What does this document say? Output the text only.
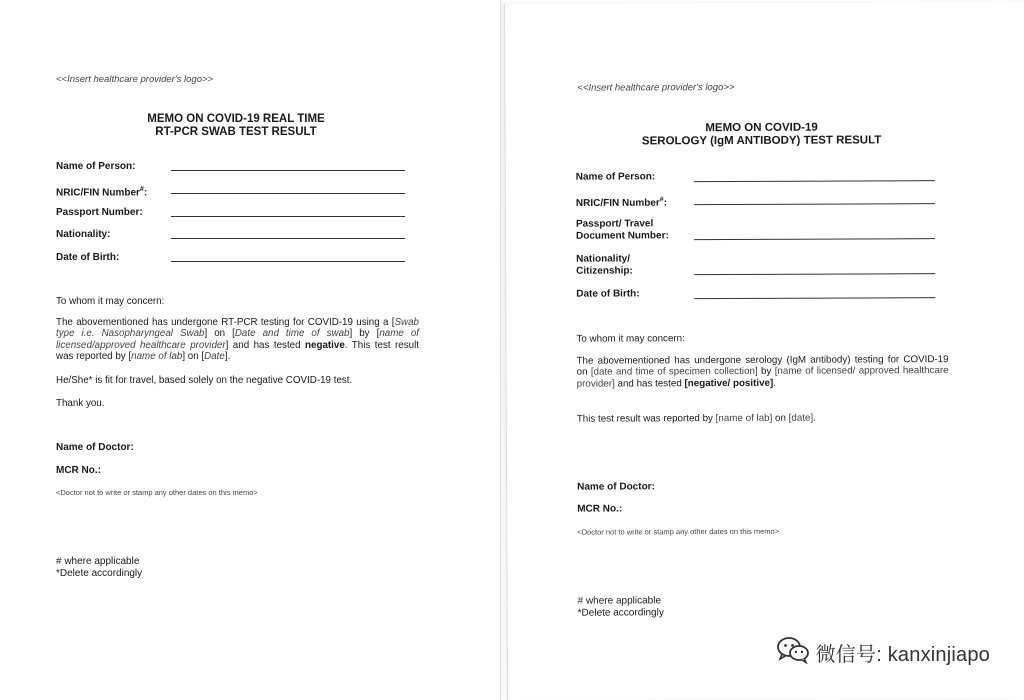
<<Insert healthcare provider's logo>>
MEMO ON COVID-19 REAL TIME
RT-PCR SWAB TEST RESULT
Name of Person:
NRIC/FIN Number#:
Passport Number:
Nationality:
Date of Birth:
To whom it may concern:
The abovementioned has undergone RT-PCR testing for COVID-19 using a [Swab type i.e. Nasopharyngeal Swab] on [Date and time of swab] by [name of licensed/approved healthcare provider] and has tested negative. This test result was reported by [name of lab] on [Date].
He/She* is fit for travel, based solely on the negative COVID-19 test.
Thank you.
Name of Doctor:
MCR No.:
<Doctor not to write or stamp any other dates on this memo>
# where applicable
*Delete accordingly
<<Insert healthcare provider's logo>>
MEMO ON COVID-19
SEROLOGY (IgM ANTIBODY) TEST RESULT
Name of Person:
NRIC/FIN Number#:
Passport/ Travel
Document Number:
Nationality/
Citizenship:
Date of Birth:
To whom it may concern:
The abovementioned has undergone serology (IgM antibody) testing for COVID-19 on [date and time of specimen collection] by [name of licensed/ approved healthcare provider] and has tested [negative/ positive].
This test result was reported by [name of lab] on [date].
Name of Doctor:
MCR No.:
<Doctor not to write or stamp any other dates on this memo>
# where applicable
*Delete accordingly
微信号: kanxinjiapo
